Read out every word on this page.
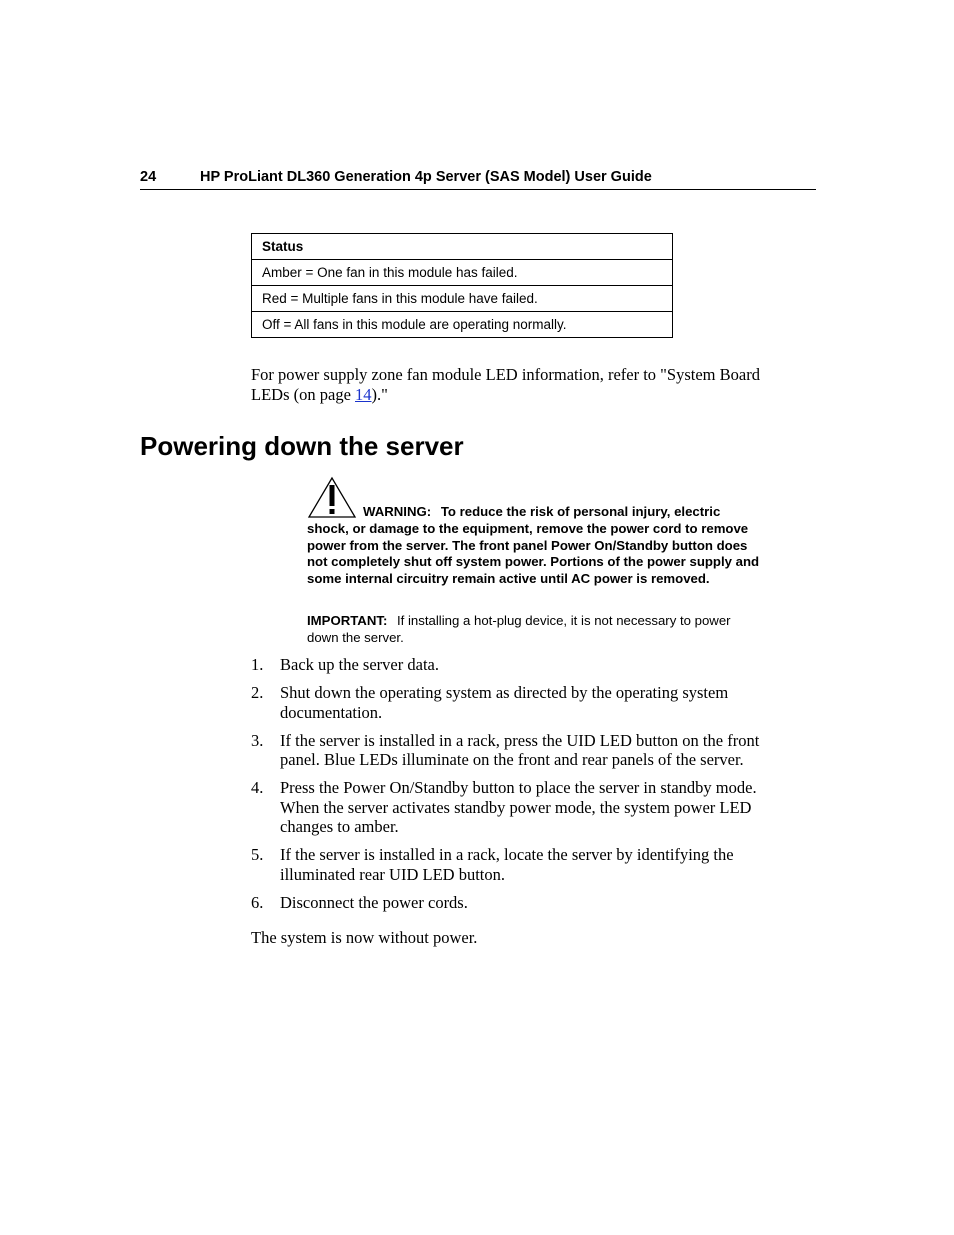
24	HP ProLiant DL360 Generation 4p Server (SAS Model) User Guide
Status
Amber = One fan in this module has failed.
Red = Multiple fans in this module have failed.
Off = All fans in this module are operating normally.

For power supply zone fan module LED information, refer to "System Board LEDs (on page 14)."

Powering down the server
WARNING: To reduce the risk of personal injury, electric shock, or damage to the equipment, remove the power cord to remove power from the server. The front panel Power On/Standby button does not completely shut off system power. Portions of the power supply and some internal circuitry remain active until AC power is removed.
IMPORTANT: If installing a hot-plug device, it is not necessary to power down the server.
1. Back up the server data.
2. Shut down the operating system as directed by the operating system documentation.
3. If the server is installed in a rack, press the UID LED button on the front panel. Blue LEDs illuminate on the front and rear panels of the server.
4. Press the Power On/Standby button to place the server in standby mode. When the server activates standby power mode, the system power LED changes to amber.
5. If the server is installed in a rack, locate the server by identifying the illuminated rear UID LED button.
6. Disconnect the power cords.

The system is now without power.
